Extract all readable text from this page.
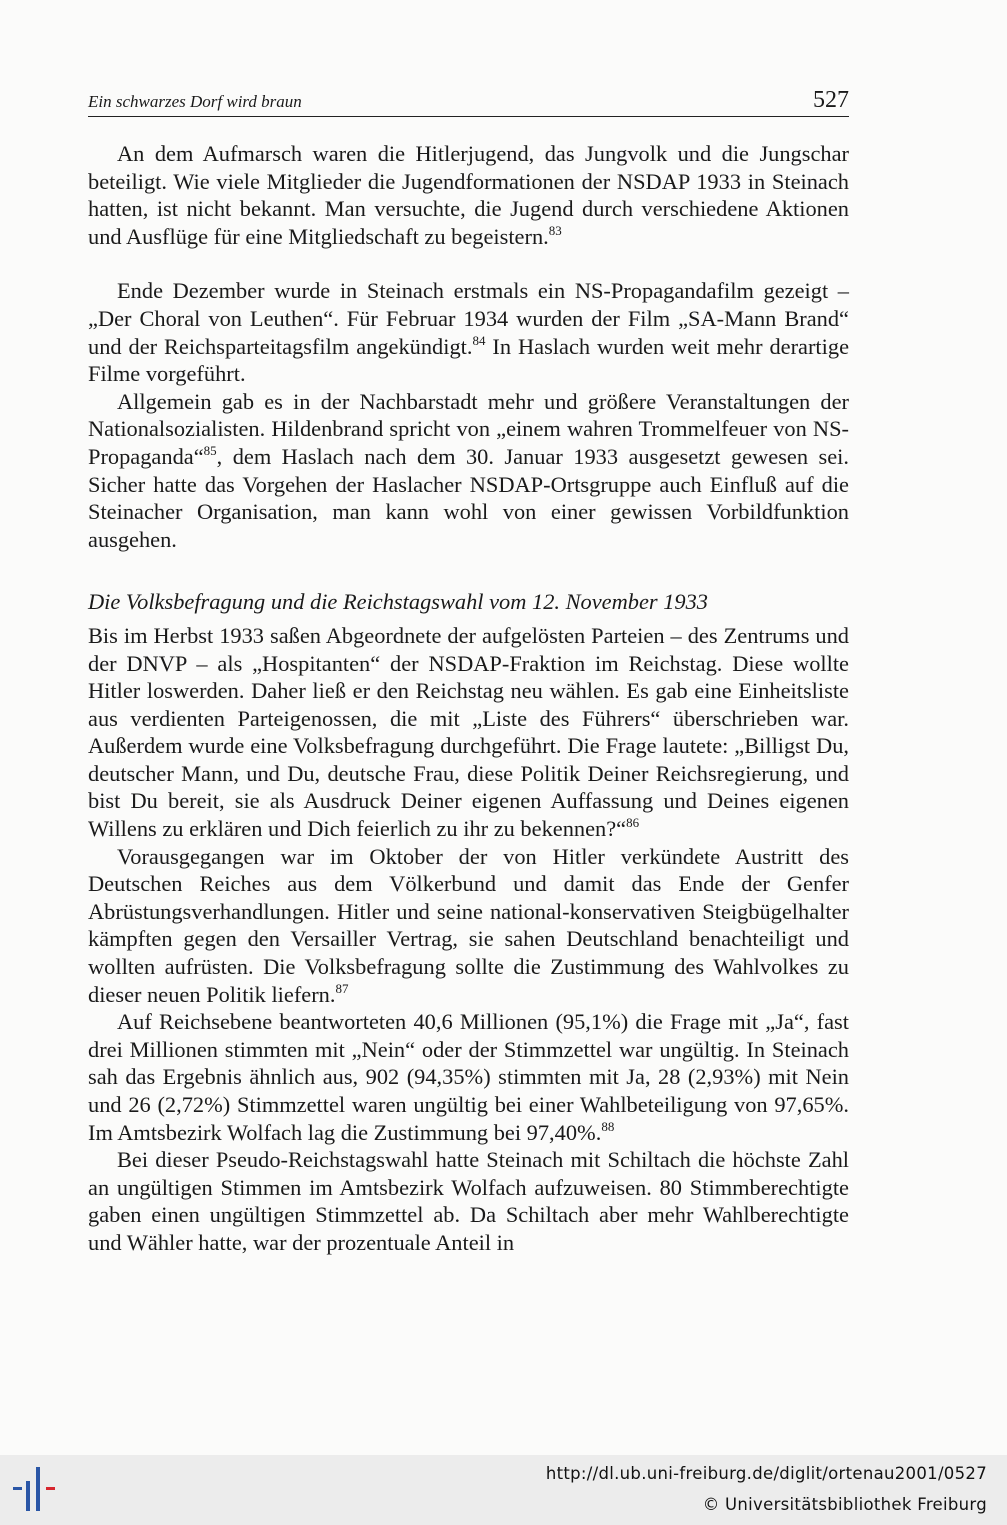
Ein schwarzes Dorf wird braun	527

An dem Aufmarsch waren die Hitlerjugend, das Jungvolk und die Jungschar beteiligt. Wie viele Mitglieder die Jugendformationen der NSDAP 1933 in Steinach hatten, ist nicht bekannt. Man versuchte, die Jugend durch verschiedene Aktionen und Ausflüge für eine Mitgliedschaft zu begeistern.$^{83}$

Ende Dezember wurde in Steinach erstmals ein NS-Propagandafilm gezeigt – „Der Choral von Leuthen“. Für Februar 1934 wurden der Film „SA-Mann Brand“ und der Reichsparteitagsfilm angekündigt.$^{84}$ In Haslach wurden weit mehr derartige Filme vorgeführt.

Allgemein gab es in der Nachbarstadt mehr und größere Veranstaltungen der Nationalsozialisten. Hildenbrand spricht von „einem wahren Trommelfeuer von NS-Propaganda“$^{85}$, dem Haslach nach dem 30. Januar 1933 ausgesetzt gewesen sei. Sicher hatte das Vorgehen der Haslacher NSDAP-Ortsgruppe auch Einfluß auf die Steinacher Organisation, man kann wohl von einer gewissen Vorbildfunktion ausgehen.

Die Volksbefragung und die Reichstagswahl vom 12. November 1933

Bis im Herbst 1933 saßen Abgeordnete der aufgelösten Parteien – des Zentrums und der DNVP – als „Hospitanten“ der NSDAP-Fraktion im Reichstag. Diese wollte Hitler loswerden. Daher ließ er den Reichstag neu wählen. Es gab eine Einheitsliste aus verdienten Parteigenossen, die mit „Liste des Führers“ überschrieben war. Außerdem wurde eine Volksbefragung durchgeführt. Die Frage lautete: „Billigst Du, deutscher Mann, und Du, deutsche Frau, diese Politik Deiner Reichsregierung, und bist Du bereit, sie als Ausdruck Deiner eigenen Auffassung und Deines eigenen Willens zu erklären und Dich feierlich zu ihr zu bekennen?“$^{86}$

Vorausgegangen war im Oktober der von Hitler verkündete Austritt des Deutschen Reiches aus dem Völkerbund und damit das Ende der Genfer Abrüstungsverhandlungen. Hitler und seine national-konservativen Steigbügelhalter kämpften gegen den Versailler Vertrag, sie sahen Deutschland benachteiligt und wollten aufrüsten. Die Volksbefragung sollte die Zustimmung des Wahlvolkes zu dieser neuen Politik liefern.$^{87}$

Auf Reichsebene beantworteten 40,6 Millionen (95,1%) die Frage mit „Ja“, fast drei Millionen stimmten mit „Nein“ oder der Stimmzettel war ungültig. In Steinach sah das Ergebnis ähnlich aus, 902 (94,35%) stimmten mit Ja, 28 (2,93%) mit Nein und 26 (2,72%) Stimmzettel waren ungültig bei einer Wahlbeteiligung von 97,65%. Im Amtsbezirk Wolfach lag die Zustimmung bei 97,40%.$^{88}$

Bei dieser Pseudo-Reichstagswahl hatte Steinach mit Schiltach die höchste Zahl an ungültigen Stimmen im Amtsbezirk Wolfach aufzuweisen. 80 Stimmberechtigte gaben einen ungültigen Stimmzettel ab. Da Schiltach aber mehr Wahlberechtigte und Wähler hatte, war der prozentuale Anteil in

http://dl.ub.uni-freiburg.de/diglit/ortenau2001/0527
© Universitätsbibliothek Freiburg
